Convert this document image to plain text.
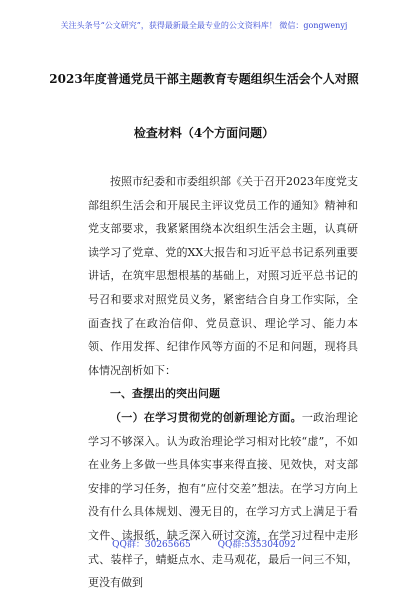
关注头条号“公文研究”，获得最新最全最专业的公文资料库！ 微信：gongwenyj
2023年度普通党员干部主题教育专题组织生活会个人对照
检查材料（4个方面问题）

按照市纪委和市委组织部《关于召开2023年度党支部组织生活会和开展民主评议党员工作的通知》精神和党支部要求，我紧紧围绕本次组织生活会主题，认真研读学习了党章、党的XX大报告和习近平总书记系列重要讲话，在筑牢思想根基的基础上，对照习近平总书记的号召和要求对照党员义务，紧密结合自身工作实际，全面查找了在政治信仰、党员意识、理论学习、能力本领、作用发挥、纪律作风等方面的不足和问题，现将具体情况剖析如下：

一、查摆出的突出问题

（一）在学习贯彻党的创新理论方面。一政治理论学习不够深入。认为政治理论学习相对比较“虚”，不如在业务上多做一些具体实事来得直接、见效快，对支部安排的学习任务，抱有“应付交差”想法。在学习方向上没有什么具体规划、漫无目的，在学习方式上满足于看文件、读报纸，缺乏深入研讨交流，在学习过程中走形式、装样子，蜻蜓点水、走马观花，最后一问三不知，更没有做到

QQ群：30265665	QQ群:535304092
